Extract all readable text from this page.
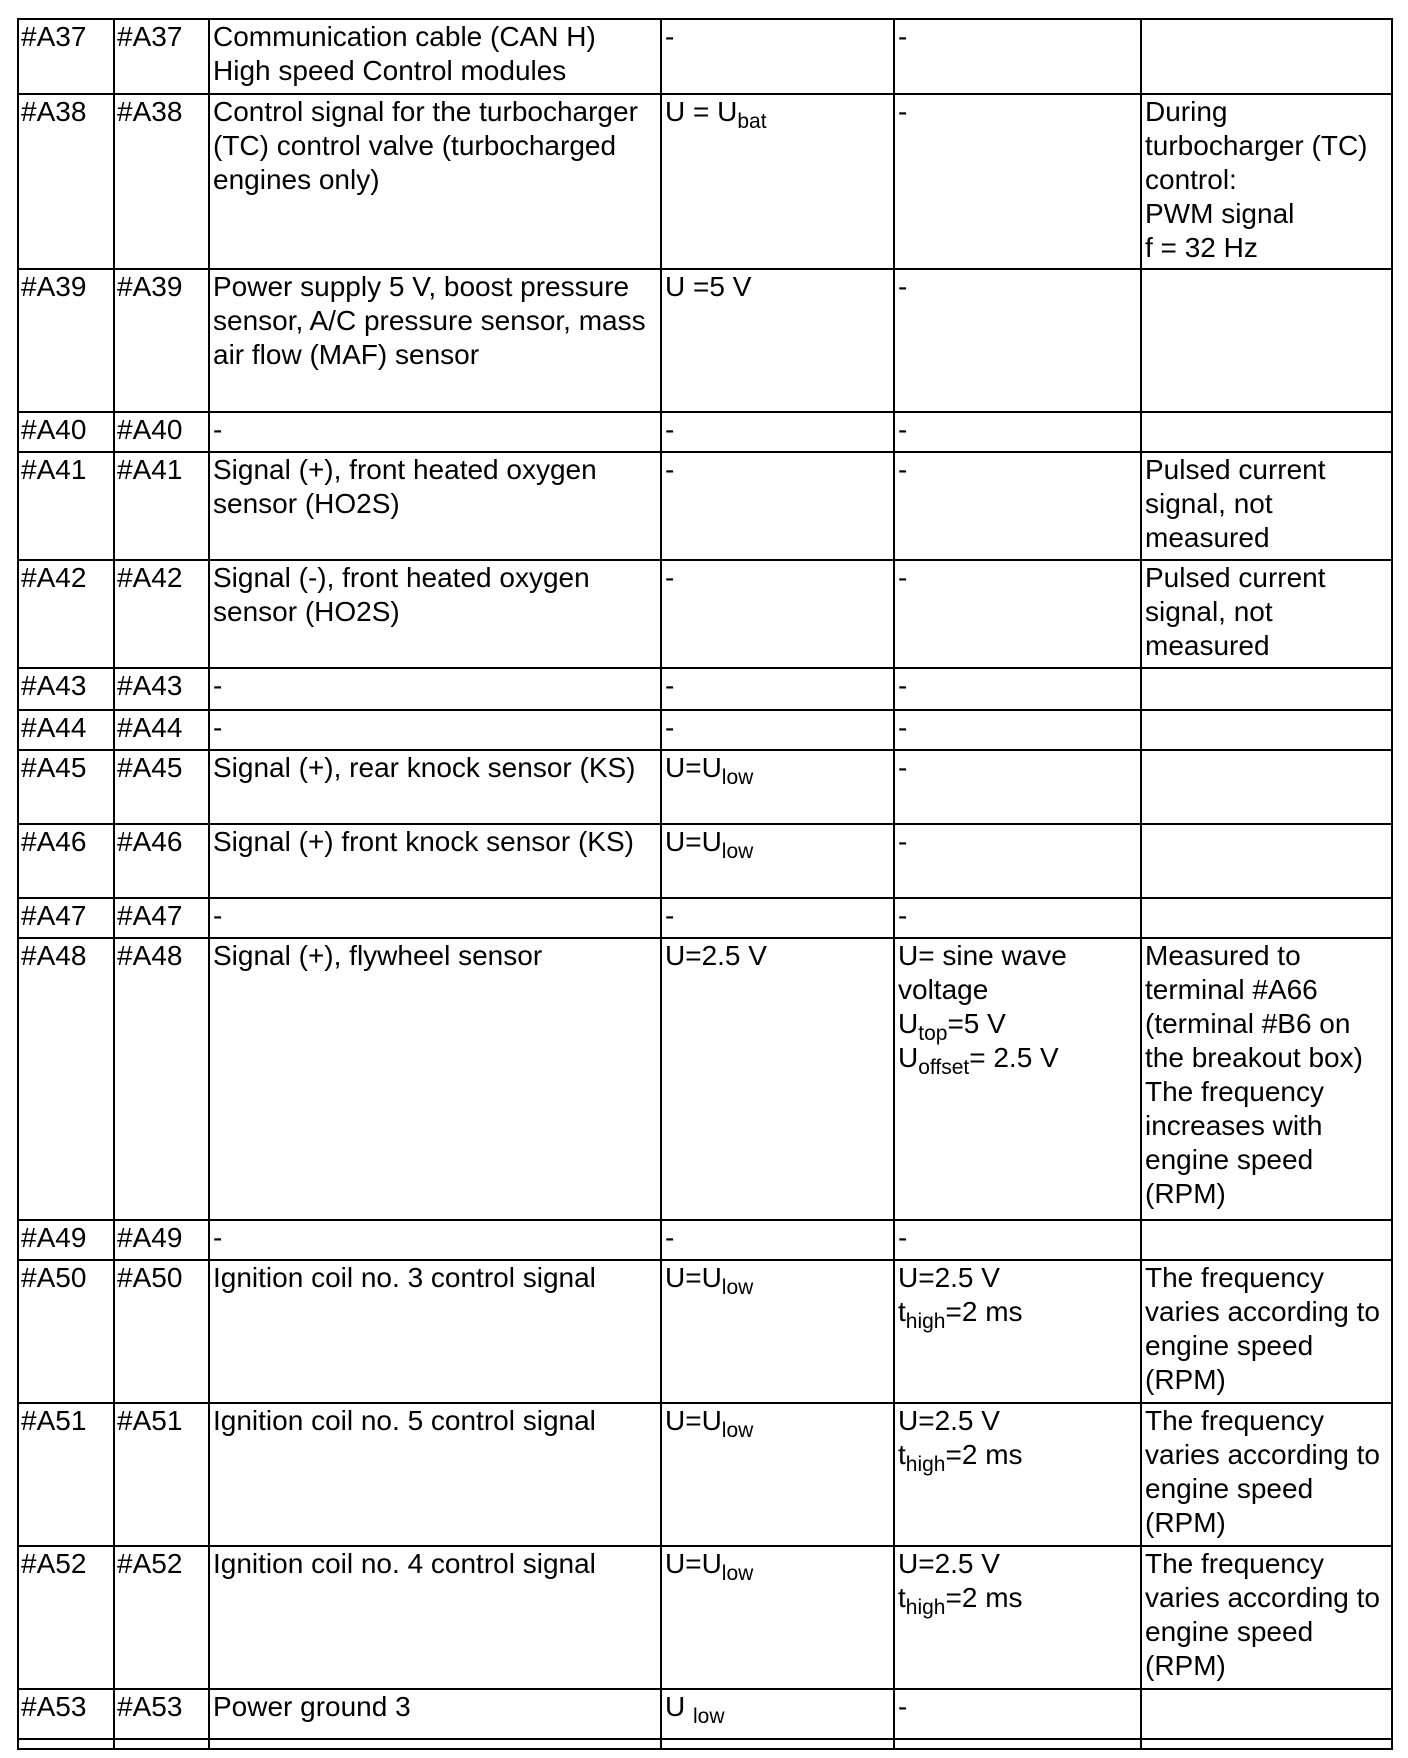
#A37	#A37	Communication cable (CAN H)
High speed Control modules	-	-	
#A38	#A38	Control signal for the turbocharger (TC) control valve (turbocharged engines only)	$U = U_{bat}$	-	During turbocharger (TC) control:
PWM signal
f = 32 Hz
#A39	#A39	Power supply 5 V, boost pressure sensor, A/C pressure sensor, mass air flow (MAF) sensor	U =5 V	-	
#A40	#A40	-	-	-	
#A41	#A41	Signal (+), front heated oxygen sensor (HO2S)	-	-	Pulsed current signal, not measured
#A42	#A42	Signal (-), front heated oxygen sensor (HO2S)	-	-	Pulsed current signal, not measured
#A43	#A43	-	-	-	
#A44	#A44	-	-	-	
#A45	#A45	Signal (+), rear knock sensor (KS)	$U=U_{low}$	-	
#A46	#A46	Signal (+) front knock sensor (KS)	$U=U_{low}$	-	
#A47	#A47	-	-	-	
#A48	#A48	Signal (+), flywheel sensor	U=2.5 V	U= sine wave voltage
$U_{top}=5$ V
$U_{offset}= 2.5$ V	Measured to terminal #A66 (terminal #B6 on the breakout box)
The frequency increases with engine speed (RPM)
#A49	#A49	-	-	-	
#A50	#A50	Ignition coil no. 3 control signal	$U=U_{low}$	U=2.5 V
$t_{high}=2$ ms	The frequency varies according to engine speed (RPM)
#A51	#A51	Ignition coil no. 5 control signal	$U=U_{low}$	U=2.5 V
$t_{high}=2$ ms	The frequency varies according to engine speed (RPM)
#A52	#A52	Ignition coil no. 4 control signal	$U=U_{low}$	U=2.5 V
$t_{high}=2$ ms	The frequency varies according to engine speed (RPM)
#A53	#A53	Power ground 3	U $_{low}$	-	
